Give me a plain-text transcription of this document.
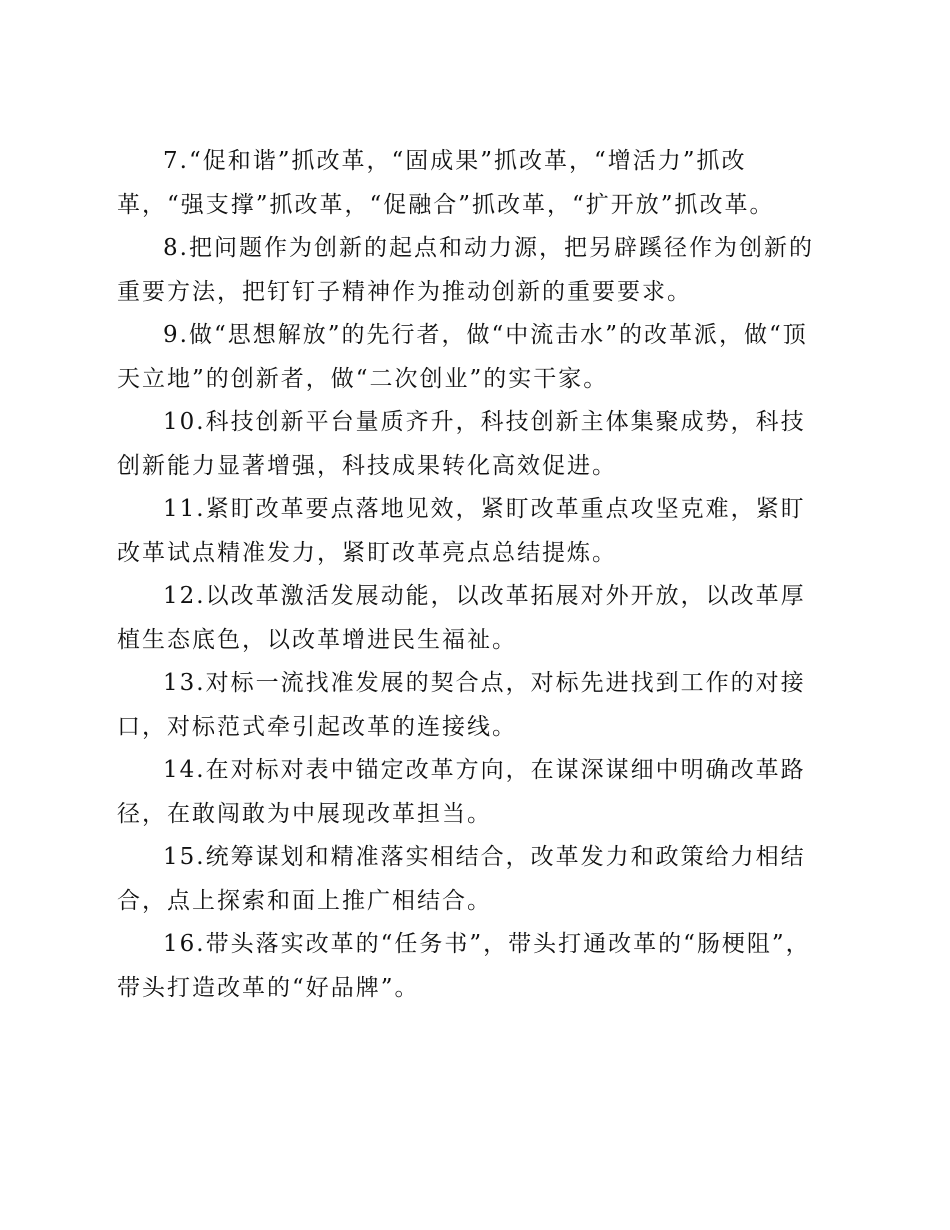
7.“促和谐”抓改革，“固成果”抓改革，“增活力”抓改革，“强支撑”抓改革，“促融合”抓改革，“扩开放”抓改革。

8.把问题作为创新的起点和动力源，把另辟蹊径作为创新的重要方法，把钉钉子精神作为推动创新的重要要求。

9.做“思想解放”的先行者，做“中流击水”的改革派，做“顶天立地”的创新者，做“二次创业”的实干家。

10.科技创新平台量质齐升，科技创新主体集聚成势，科技创新能力显著增强，科技成果转化高效促进。

11.紧盯改革要点落地见效，紧盯改革重点攻坚克难，紧盯改革试点精准发力，紧盯改革亮点总结提炼。

12.以改革激活发展动能，以改革拓展对外开放，以改革厚植生态底色，以改革增进民生福祉。

13.对标一流找准发展的契合点，对标先进找到工作的对接口，对标范式牵引起改革的连接线。

14.在对标对表中锚定改革方向，在谋深谋细中明确改革路径，在敢闯敢为中展现改革担当。

15.统筹谋划和精准落实相结合，改革发力和政策给力相结合，点上探索和面上推广相结合。

16.带头落实改革的“任务书”，带头打通改革的“肠梗阻”，带头打造改革的“好品牌”。
